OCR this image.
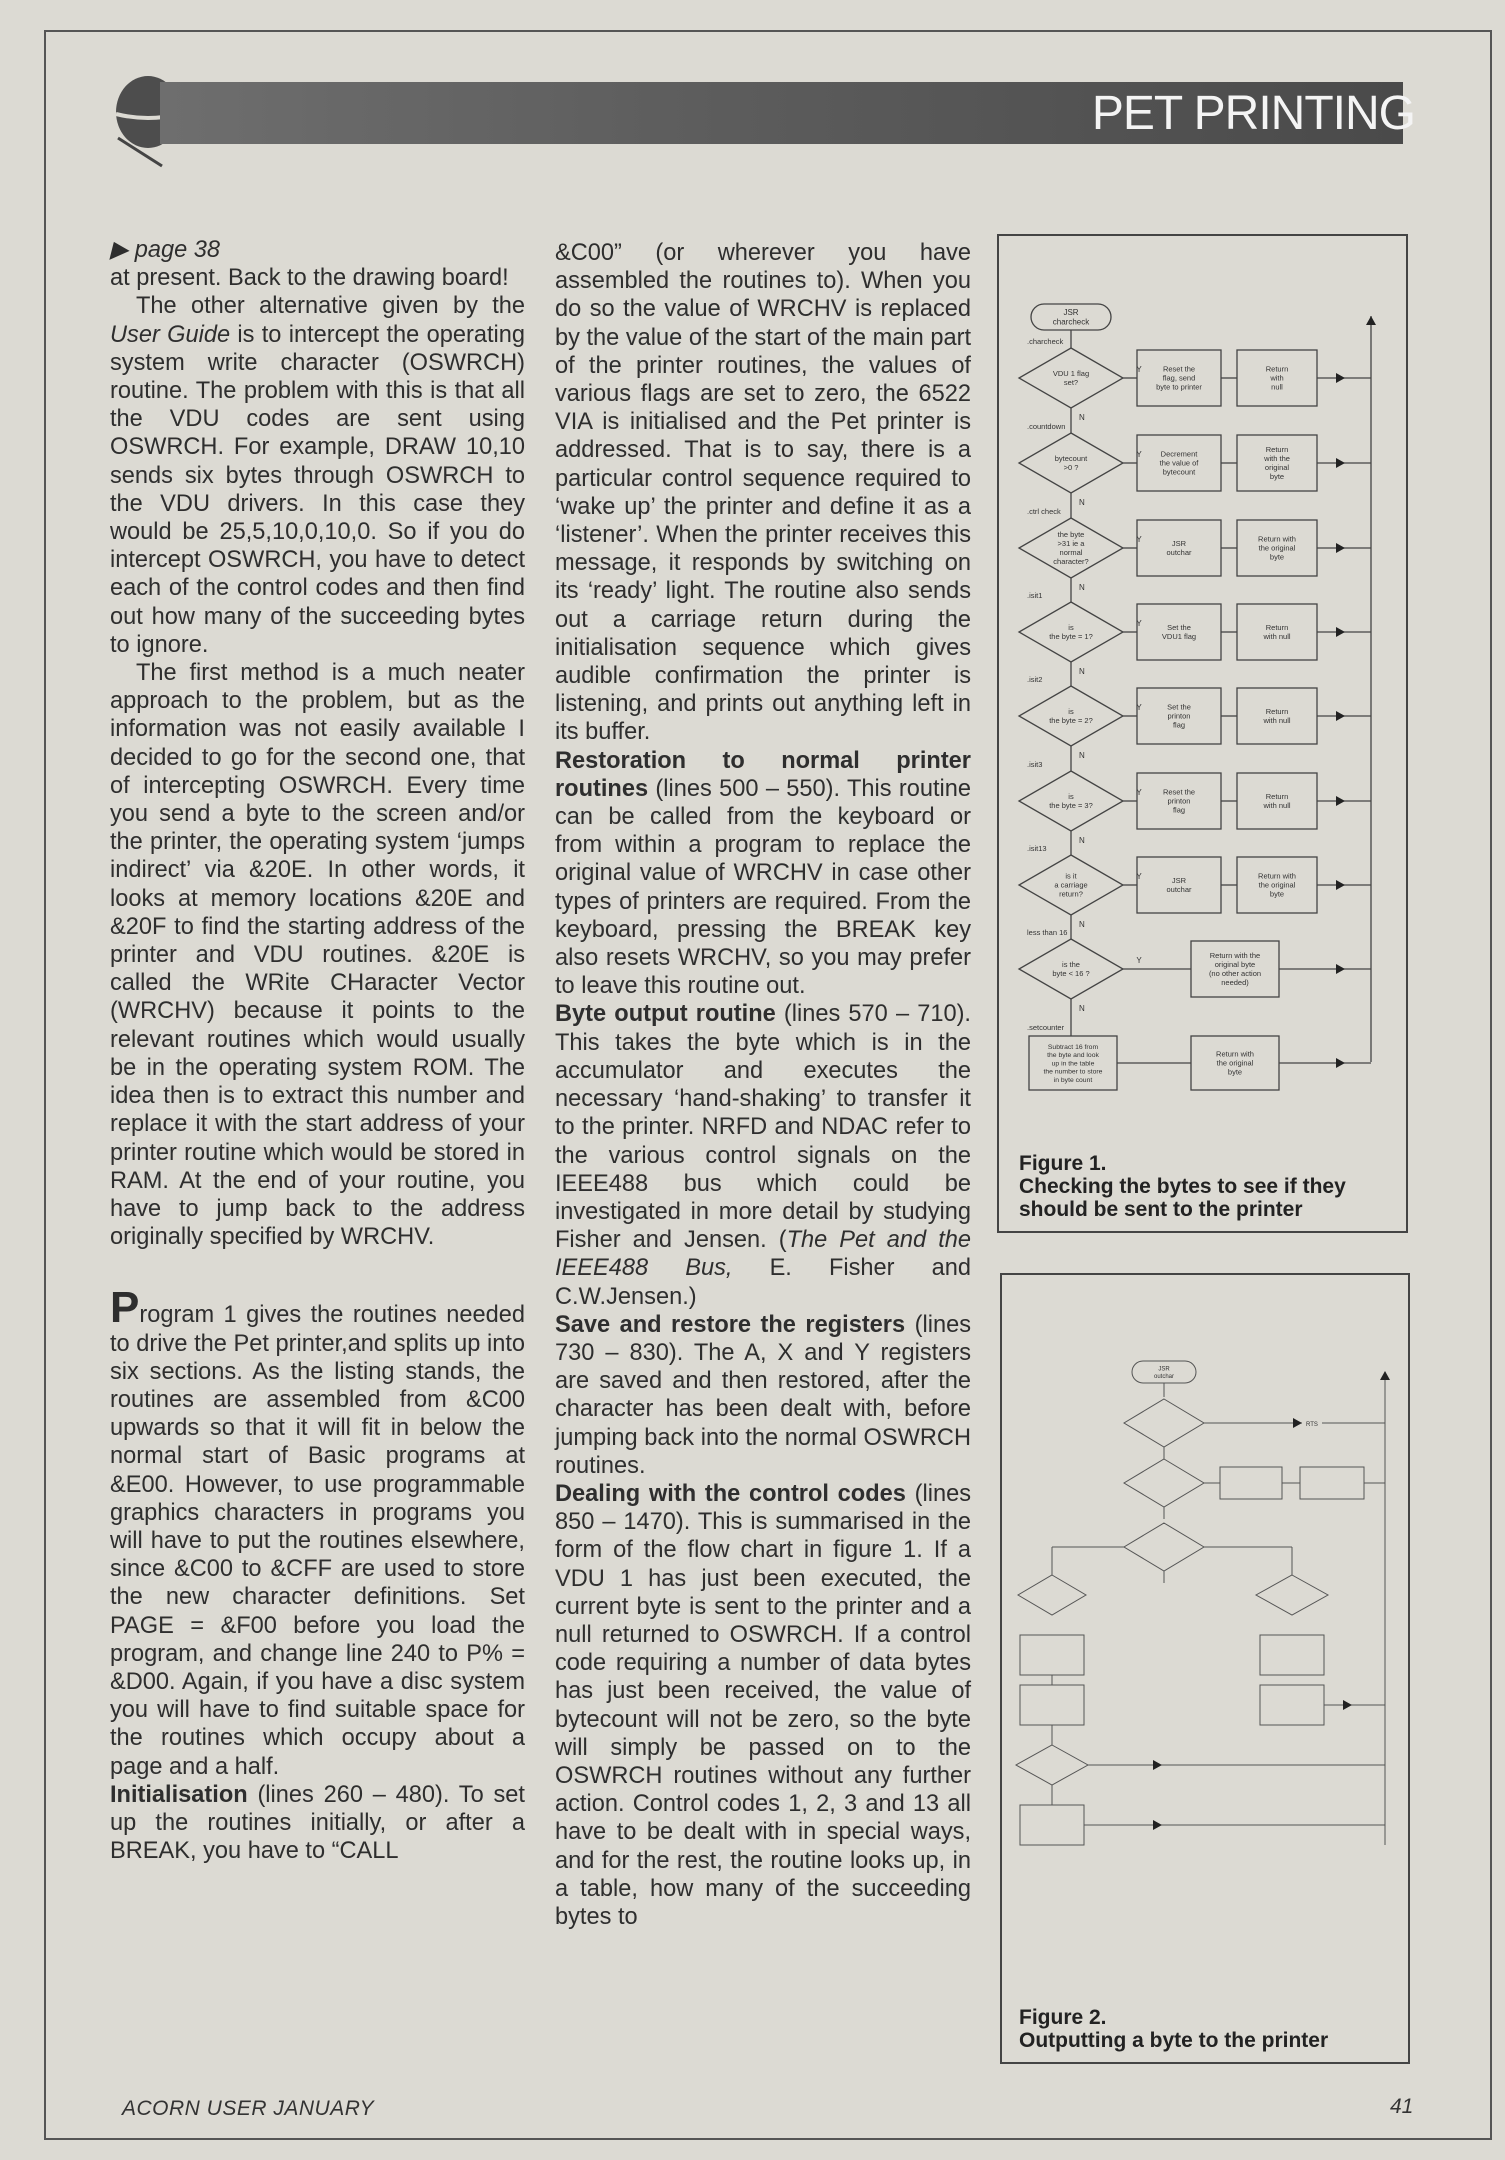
PET PRINTING

▶ page 38

at present. Back to the drawing board!

The other alternative given by the User Guide is to intercept the operating system write character (OSWRCH) routine. The problem with this is that all the VDU codes are sent using OSWRCH. For example, DRAW 10,10 sends six bytes through OSWRCH to the VDU drivers. In this case they would be 25,5,10,0,10,0. So if you do intercept OSWRCH, you have to detect each of the control codes and then find out how many of the succeeding bytes to ignore.

The first method is a much neater approach to the problem, but as the information was not easily available I decided to go for the second one, that of intercepting OSWRCH. Every time you send a byte to the screen and/or the printer, the operating system ‘jumps indirect’ via &20E. In other words, it looks at memory locations &20E and &20F to find the starting address of the printer and VDU routines. &20E is called the WRite CHaracter Vector (WRCHV) because it points to the relevant routines which would usually be in the operating system ROM. The idea then is to extract this number and replace it with the start address of your printer routine which would be stored in RAM. At the end of your routine, you have to jump back to the address originally specified by WRCHV.

Program 1 gives the routines needed to drive the Pet printer,and splits up into six sections. As the listing stands, the routines are assembled from &C00 upwards so that it will fit in below the normal start of Basic programs at &E00. However, to use programmable graphics characters in programs you will have to put the routines elsewhere, since &C00 to &CFF are used to store the new character definitions. Set PAGE = &F00 before you load the program, and change line 240 to P% = &D00. Again, if you have a disc system you will have to find suitable space for the routines which occupy about a page and a half.

Initialisation (lines 260 – 480). To set up the routines initially, or after a BREAK, you have to “CALL

&C00” (or wherever you have assembled the routines to). When you do so the value of WRCHV is replaced by the value of the start of the main part of the printer routines, the values of various flags are set to zero, the 6522 VIA is initialised and the Pet printer is addressed. That is to say, there is a particular control sequence required to ‘wake up’ the printer and define it as a ‘listener’. When the printer receives this message, it responds by switching on its ‘ready’ light. The routine also sends out a carriage return during the initialisation sequence which gives audible confirmation the printer is listening, and prints out anything left in its buffer.

Restoration to normal printer routines (lines 500 – 550). This routine can be called from the keyboard or from within a program to replace the original value of WRCHV in case other types of printers are required. From the keyboard, pressing the BREAK key also resets WRCHV, so you may prefer to leave this routine out.

Byte output routine (lines 570 – 710). This takes the byte which is in the accumulator and executes the necessary ‘hand-shaking’ to transfer it to the printer. NRFD and NDAC refer to the various control signals on the IEEE488 bus which could be investigated in more detail by studying Fisher and Jensen. (The Pet and the IEEE488 Bus, E. Fisher and C.W.Jensen.)

Save and restore the registers (lines 730 – 830). The A, X and Y registers are saved and then restored, after the character has been dealt with, before jumping back into the normal OSWRCH routines.

Dealing with the control codes (lines 850 – 1470). This is summarised in the form of the flow chart in figure 1. If a VDU 1 has just been executed, the current byte is sent to the printer and a null returned to OSWRCH. If a control code requiring a number of data bytes has just been received, the value of bytecount will not be zero, so the byte will simply be passed on to the OSWRCH routines without any further action. Control codes 1, 2, 3 and 13 all have to be dealt with in special ways, and for the rest, the routine looks up, in a table, how many of the succeeding bytes to

JSR
charcheck
.charcheck
VDU 1 flag
set?
Y	Reset the
flag, send
byte to printer
Return
with
null
N
.countdown
bytecount
>0 ?
Y	Decrement
the value of
bytecount
Return
with the
original
byte
N
.ctrl check
the byte
>31 ie a
normal
character?
Y	JSR
outchar
Return with
the original
byte
N
.isit1
is
the byte = 1?
Y	Set the
VDU1 flag
Return
with null
N
.isit2
is
the byte = 2?
Y	Set the
printon
flag
Return
with null
N
.isit3
is
the byte = 3?
Y	Reset the
printon
flag
Return
with null
N
.isit13
is it
a carriage
return?
Y	JSR
outchar
Return with
the original
byte
N
less than 16
is the
byte < 16 ?
Y
Return with the
original byte
(no other action
needed)
N
.setcounter
Subtract 16 from
the byte and look
up in the table
the number to store
in byte count
Return with
the original
byte
Figure 1.
Checking the bytes to see if they should be sent to the printer
JSR
outchar
RTS
Figure 2.
Outputting a byte to the printer
ACORN USER JANUARY	41
